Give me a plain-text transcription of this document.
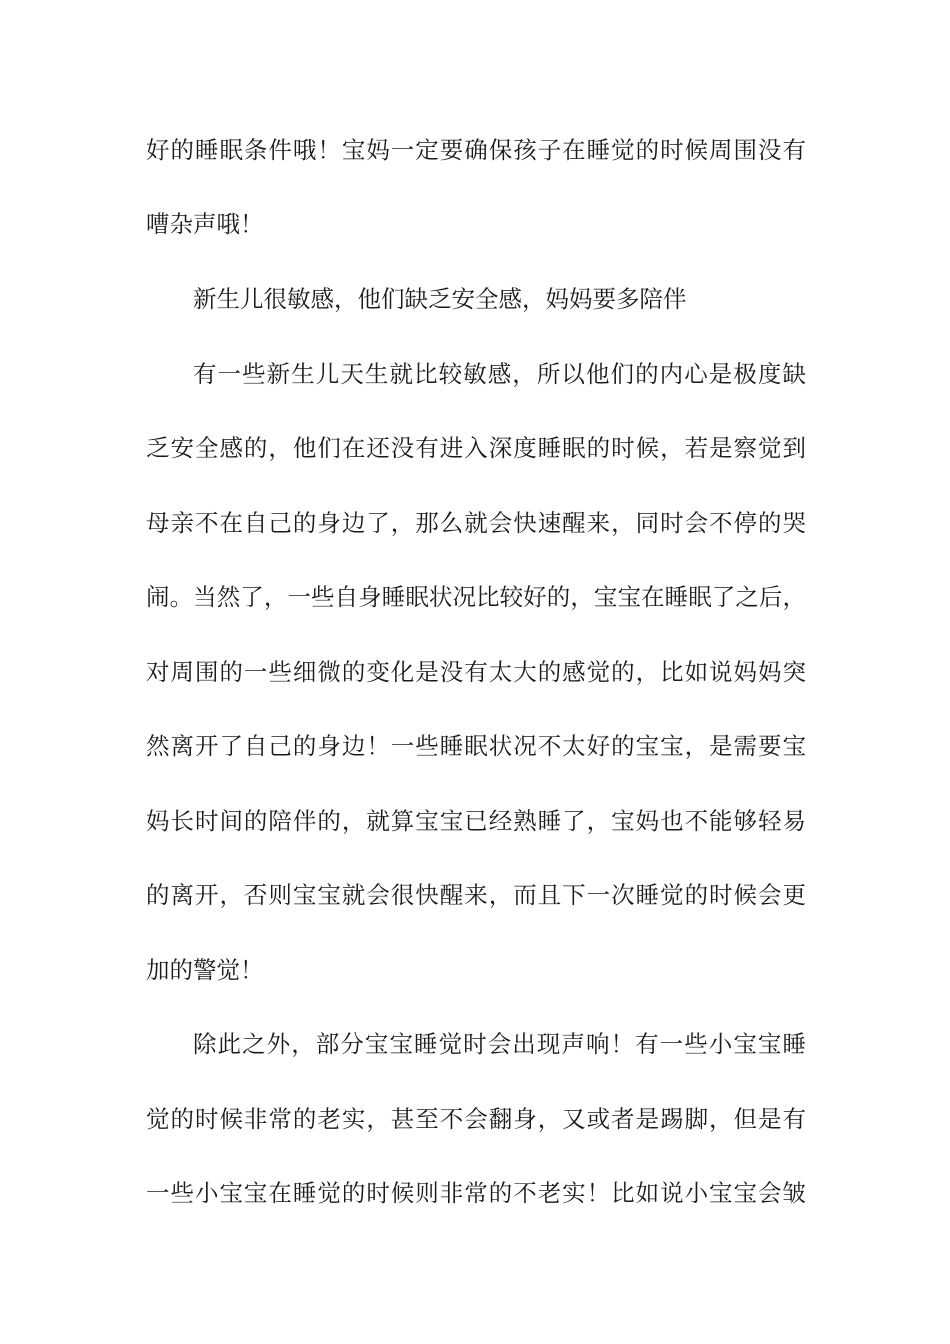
好的睡眠条件哦！宝妈一定要确保孩子在睡觉的时候周围没有
嘈杂声哦！
新生儿很敏感，他们缺乏安全感，妈妈要多陪伴
有一些新生儿天生就比较敏感，所以他们的内心是极度缺
乏安全感的，他们在还没有进入深度睡眠的时候，若是察觉到
母亲不在自己的身边了，那么就会快速醒来，同时会不停的哭
闹。当然了，一些自身睡眠状况比较好的，宝宝在睡眠了之后，
对周围的一些细微的变化是没有太大的感觉的，比如说妈妈突
然离开了自己的身边！一些睡眠状况不太好的宝宝，是需要宝
妈长时间的陪伴的，就算宝宝已经熟睡了，宝妈也不能够轻易
的离开，否则宝宝就会很快醒来，而且下一次睡觉的时候会更
加的警觉！
除此之外，部分宝宝睡觉时会出现声响！有一些小宝宝睡
觉的时候非常的老实，甚至不会翻身，又或者是踢脚，但是有
一些小宝宝在睡觉的时候则非常的不老实！比如说小宝宝会皱
